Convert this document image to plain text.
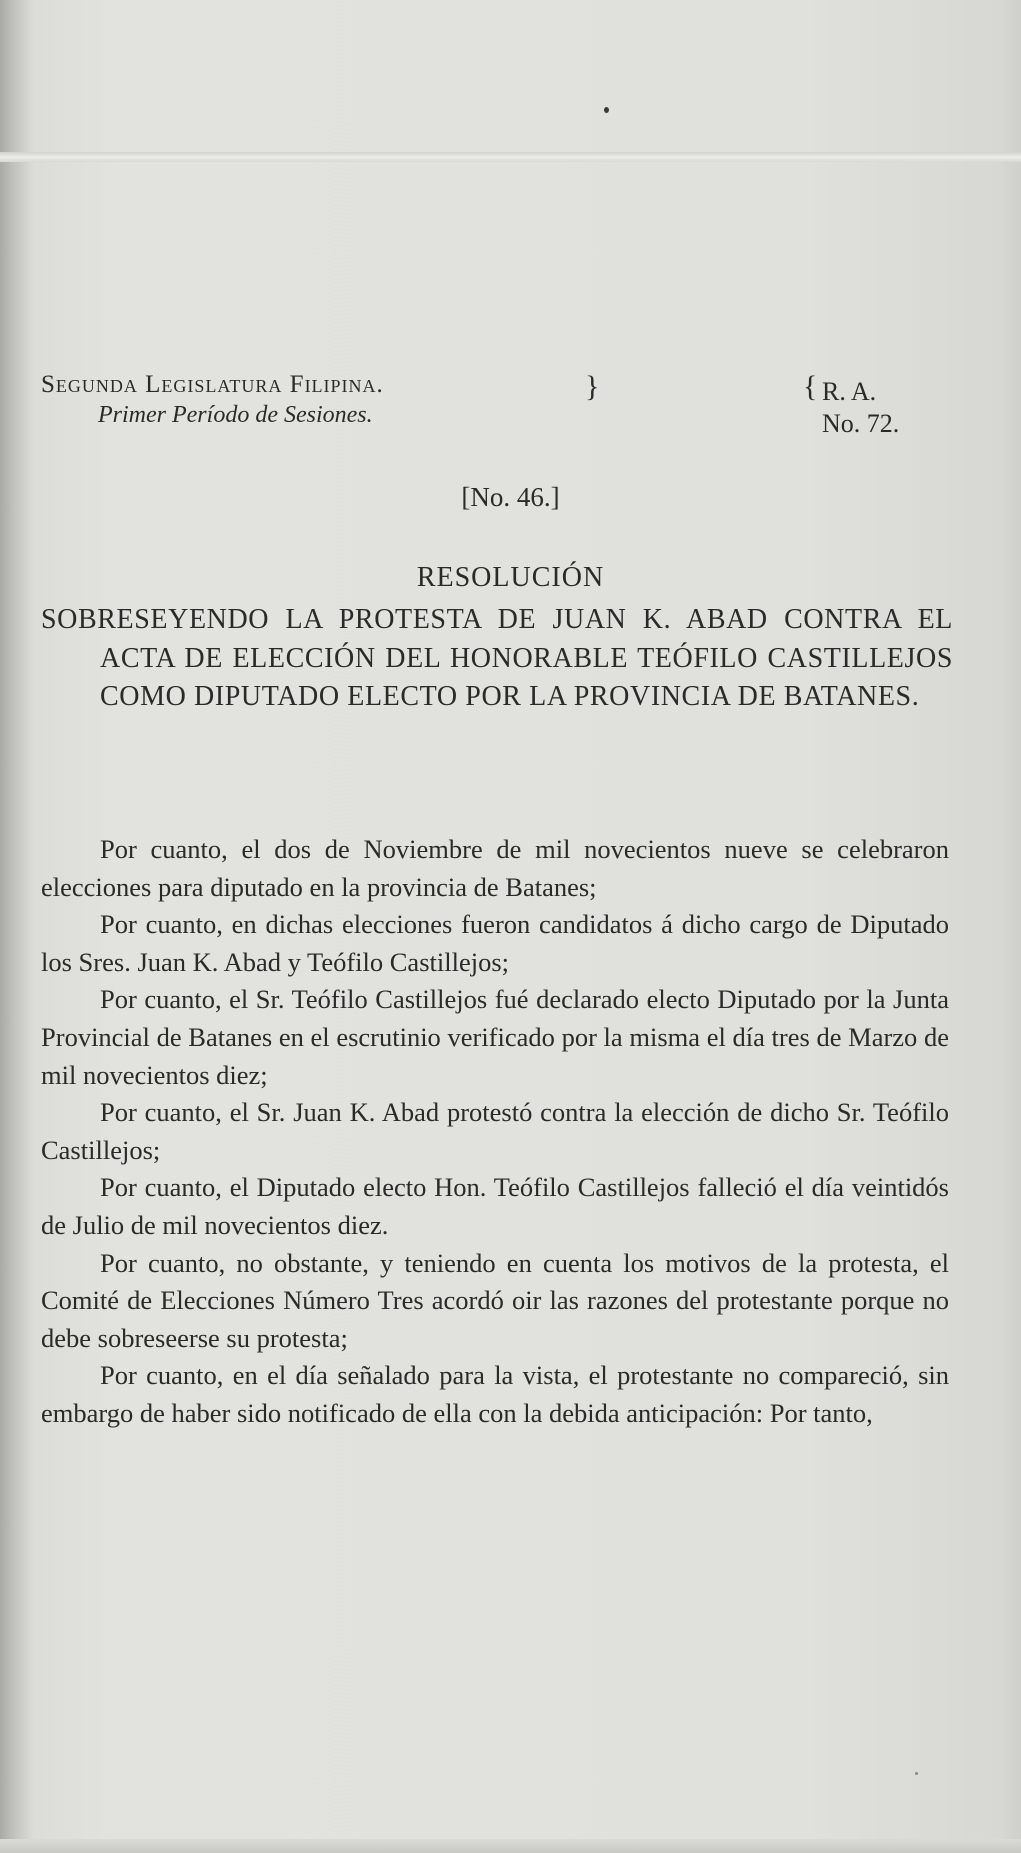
Segunda Legislatura Filipina.
Primer Período de Sesiones.
}	{ R. A.
No. 72.
[No. 46.]
RESOLUCIÓN
SOBRESEYENDO LA PROTESTA DE JUAN K. ABAD CONTRA EL ACTA DE ELECCIÓN DEL HONORABLE TEÓFILO CASTILLEJOS COMO DIPUTADO ELECTO POR LA PROVINCIA DE BATANES.

Por cuanto, el dos de Noviembre de mil novecientos nueve se celebraron elecciones para diputado en la provincia de Batanes;

Por cuanto, en dichas elecciones fueron candidatos á dicho cargo de Diputado los Sres. Juan K. Abad y Teófilo Castillejos;

Por cuanto, el Sr. Teófilo Castillejos fué declarado electo Diputado por la Junta Provincial de Batanes en el escrutinio verificado por la misma el día tres de Marzo de mil novecientos diez;

Por cuanto, el Sr. Juan K. Abad protestó contra la elección de dicho Sr. Teófilo Castillejos;

Por cuanto, el Diputado electo Hon. Teófilo Castillejos falleció el día veintidós de Julio de mil novecientos diez.

Por cuanto, no obstante, y teniendo en cuenta los motivos de la protesta, el Comité de Elecciones Número Tres acordó oir las razones del protestante porque no debe sobreseerse su protesta;

Por cuanto, en el día señalado para la vista, el protestante no compareció, sin embargo de haber sido notificado de ella con la debida anticipación: Por tanto,
